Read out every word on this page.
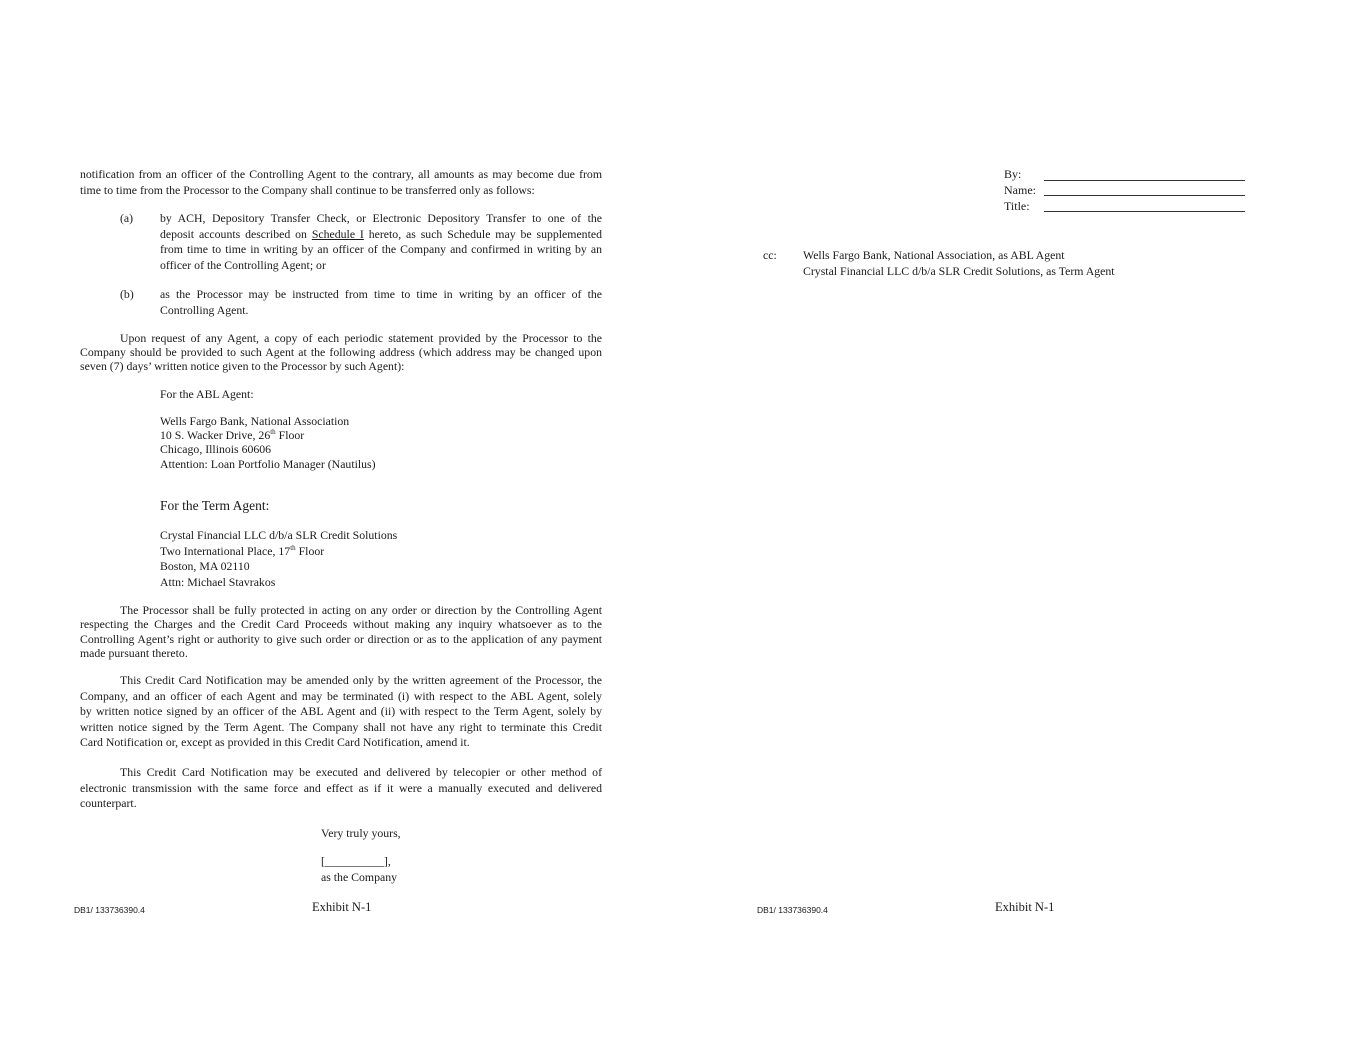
notification from an officer of the Controlling Agent to the contrary, all amounts as may become due from
time to time from the Processor to the Company shall continue to be transferred only as follows:
(a) by ACH, Depository Transfer Check, or Electronic Depository Transfer to one of the
deposit accounts described on Schedule I hereto, as such Schedule may be supplemented
from time to time in writing by an officer of the Company and confirmed in writing by an
officer of the Controlling Agent; or
(b) as the Processor may be instructed from time to time in writing by an officer of the
Controlling Agent.
Upon request of any Agent, a copy of each periodic statement provided by the Processor to the
Company should be provided to such Agent at the following address (which address may be changed upon
seven (7) days’ written notice given to the Processor by such Agent):
For the ABL Agent:
Wells Fargo Bank, National Association
10 S. Wacker Drive, 26th Floor
Chicago, Illinois 60606
Attention: Loan Portfolio Manager (Nautilus)
For the Term Agent:
Crystal Financial LLC d/b/a SLR Credit Solutions
Two International Place, 17th Floor
Boston, MA 02110
Attn: Michael Stavrakos
The Processor shall be fully protected in acting on any order or direction by the Controlling Agent
respecting the Charges and the Credit Card Proceeds without making any inquiry whatsoever as to the
Controlling Agent’s right or authority to give such order or direction or as to the application of any payment
made pursuant thereto.
This Credit Card Notification may be amended only by the written agreement of the Processor, the
Company, and an officer of each Agent and may be terminated (i) with respect to the ABL Agent, solely
by written notice signed by an officer of the ABL Agent and (ii) with respect to the Term Agent, solely by
written notice signed by the Term Agent. The Company shall not have any right to terminate this Credit
Card Notification or, except as provided in this Credit Card Notification, amend it.
This Credit Card Notification may be executed and delivered by telecopier or other method of
electronic transmission with the same force and effect as if it were a manually executed and delivered
counterpart.
Very truly yours,
[__________],
as the Company
DB1/ 133736390.4	Exhibit N-1
By:
Name:
Title:
cc: Wells Fargo Bank, National Association, as ABL Agent
Crystal Financial LLC d/b/a SLR Credit Solutions, as Term Agent
DB1/ 133736390.4	Exhibit N-1
